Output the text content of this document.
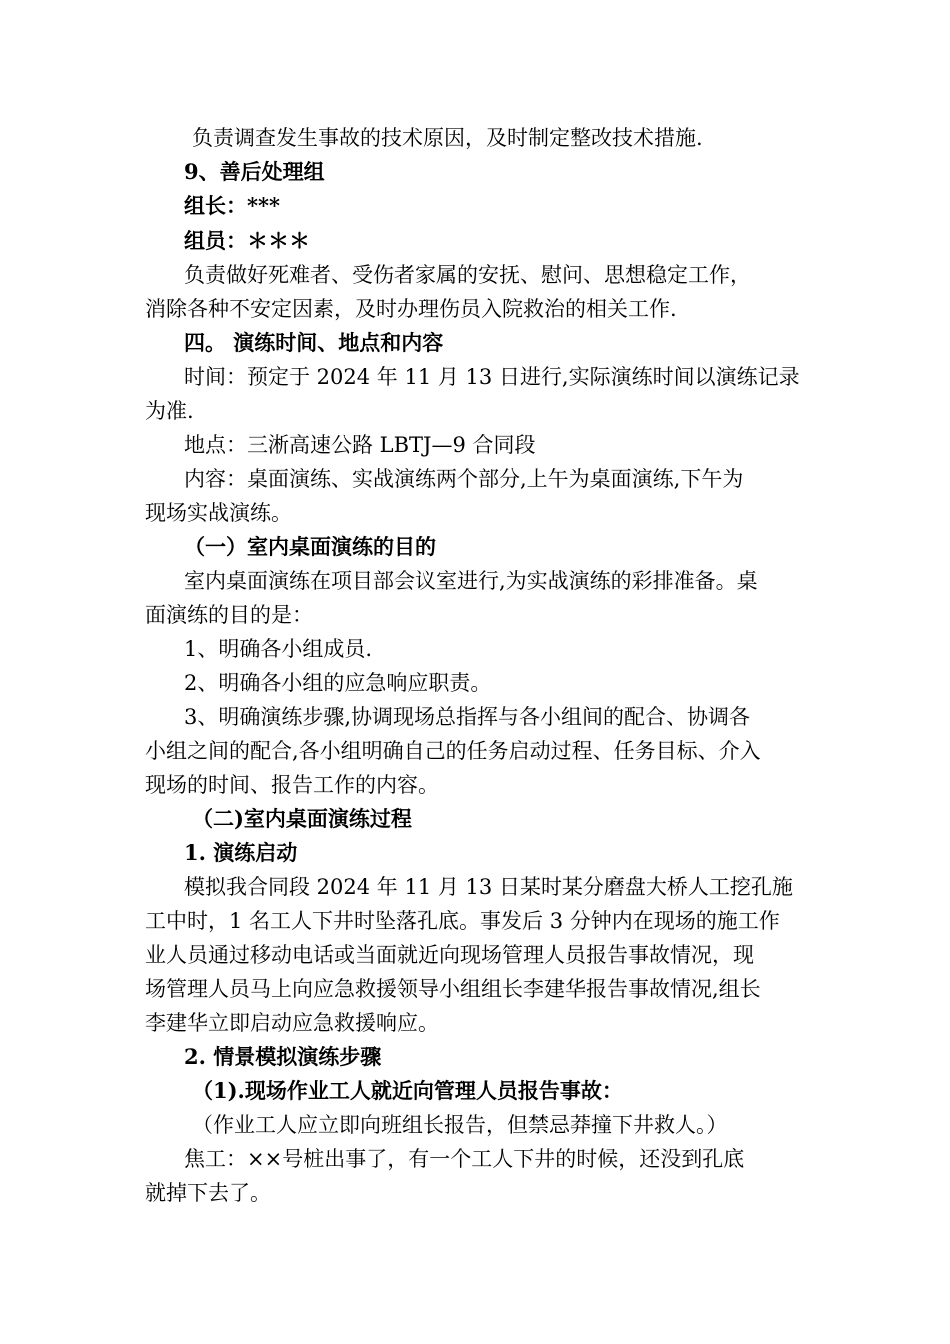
负责调查发生事故的技术原因，及时制定整改技术措施.
9、善后处理组
组长：***
组员：＊＊＊
负责做好死难者、受伤者家属的安抚、慰问、思想稳定工作，
消除各种不安定因素，及时办理伤员入院救治的相关工作.
四。 演练时间、地点和内容
时间：预定于 2024 年 11 月 13 日进行,实际演练时间以演练记录
为准.
地点：三淅高速公路 LBTJ—9 合同段
内容：桌面演练、实战演练两个部分,上午为桌面演练,下午为
现场实战演练。
（一）室内桌面演练的目的
室内桌面演练在项目部会议室进行,为实战演练的彩排准备。桌
面演练的目的是：
1、明确各小组成员.
2、明确各小组的应急响应职责。
3、明确演练步骤,协调现场总指挥与各小组间的配合、协调各
小组之间的配合,各小组明确自己的任务启动过程、任务目标、介入
现场的时间、报告工作的内容。
（二)室内桌面演练过程
1. 演练启动
模拟我合同段 2024 年 11 月 13 日某时某分磨盘大桥人工挖孔施
工中时，1 名工人下井时坠落孔底。事发后 3 分钟内在现场的施工作
业人员通过移动电话或当面就近向现场管理人员报告事故情况，现
场管理人员马上向应急救援领导小组组长李建华报告事故情况,组长
李建华立即启动应急救援响应。
2. 情景模拟演练步骤
（1).现场作业工人就近向管理人员报告事故：
（作业工人应立即向班组长报告，但禁忌莽撞下井救人。）
焦工：××号桩出事了，有一个工人下井的时候，还没到孔底
就掉下去了。
